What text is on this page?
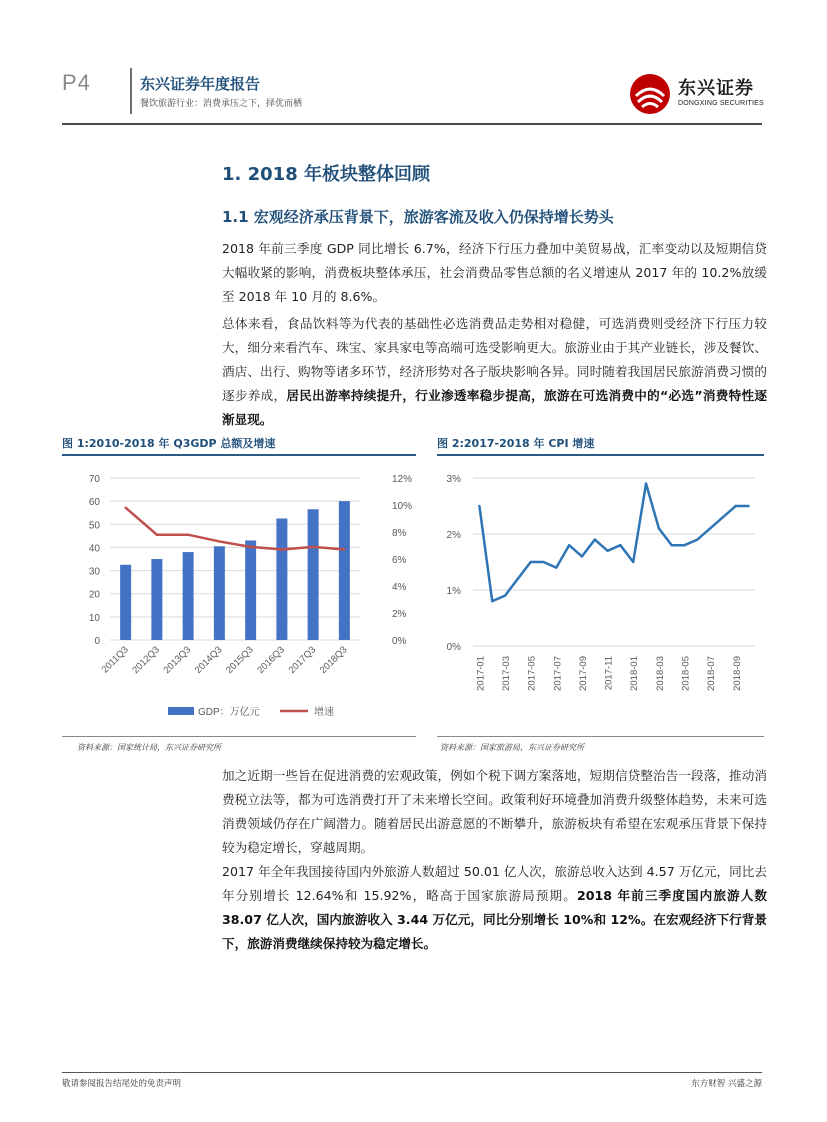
P4	东兴证券年度报告
餐饮旅游行业：消费承压之下，择优而栖
东兴证券
DONGXING SECURITIES
1. 2018 年板块整体回顾
1.1 宏观经济承压背景下，旅游客流及收入仍保持增长势头
2018 年前三季度 GDP 同比增长 6.7%，经济下行压力叠加中美贸易战，汇率变动以及短期信贷大幅收紧的影响，消费板块整体承压，社会消费品零售总额的名义增速从 2017 年的 10.2%放缓至 2018 年 10 月的 8.6%。
总体来看，食品饮料等为代表的基础性必选消费品走势相对稳健，可选消费则受经济下行压力较大，细分来看汽车、珠宝、家具家电等高端可选受影响更大。旅游业由于其产业链长，涉及餐饮、酒店、出行、购物等诸多环节，经济形势对各子版块影响各异。同时随着我国居民旅游消费习惯的逐步养成，居民出游率持续提升，行业渗透率稳步提高，旅游在可选消费中的“必选”消费特性逐渐显现。
图 1:2010-2018 年 Q3GDP 总额及增速
0
10
20
30
40
50
60
70
0%
2%
4%
6%
8%
10%
12%
2011Q3 2012Q3 2013Q3 2014Q3 2015Q3 2016Q3 2017Q3 2018Q3
GDP：万亿元	增速
资料来源：国家统计局，东兴证券研究所
图 2:2017-2018 年 CPI 增速
0%
1%
2%
3%
2017-01 2017-03 2017-05 2017-07 2017-09 2017-11 2018-01 2018-03 2018-05 2018-07 2018-09
资料来源：国家旅游局，东兴证券研究所
加之近期一些旨在促进消费的宏观政策，例如个税下调方案落地，短期信贷整治告一段落，推动消费税立法等，都为可选消费打开了未来增长空间。政策利好环境叠加消费升级整体趋势，未来可选消费领域仍存在广阔潜力。随着居民出游意愿的不断攀升，旅游板块有希望在宏观承压背景下保持较为稳定增长，穿越周期。
2017 年全年我国接待国内外旅游人数超过 50.01 亿人次，旅游总收入达到 4.57 万亿元，同比去年分别增长 12.64%和 15.92%，略高于国家旅游局预期。2018 年前三季度国内旅游人数 38.07 亿人次，国内旅游收入 3.44 万亿元，同比分别增长 10%和 12%。在宏观经济下行背景下，旅游消费继续保持较为稳定增长。
敬请参阅报告结尾处的免责声明	东方财智 兴盛之源
